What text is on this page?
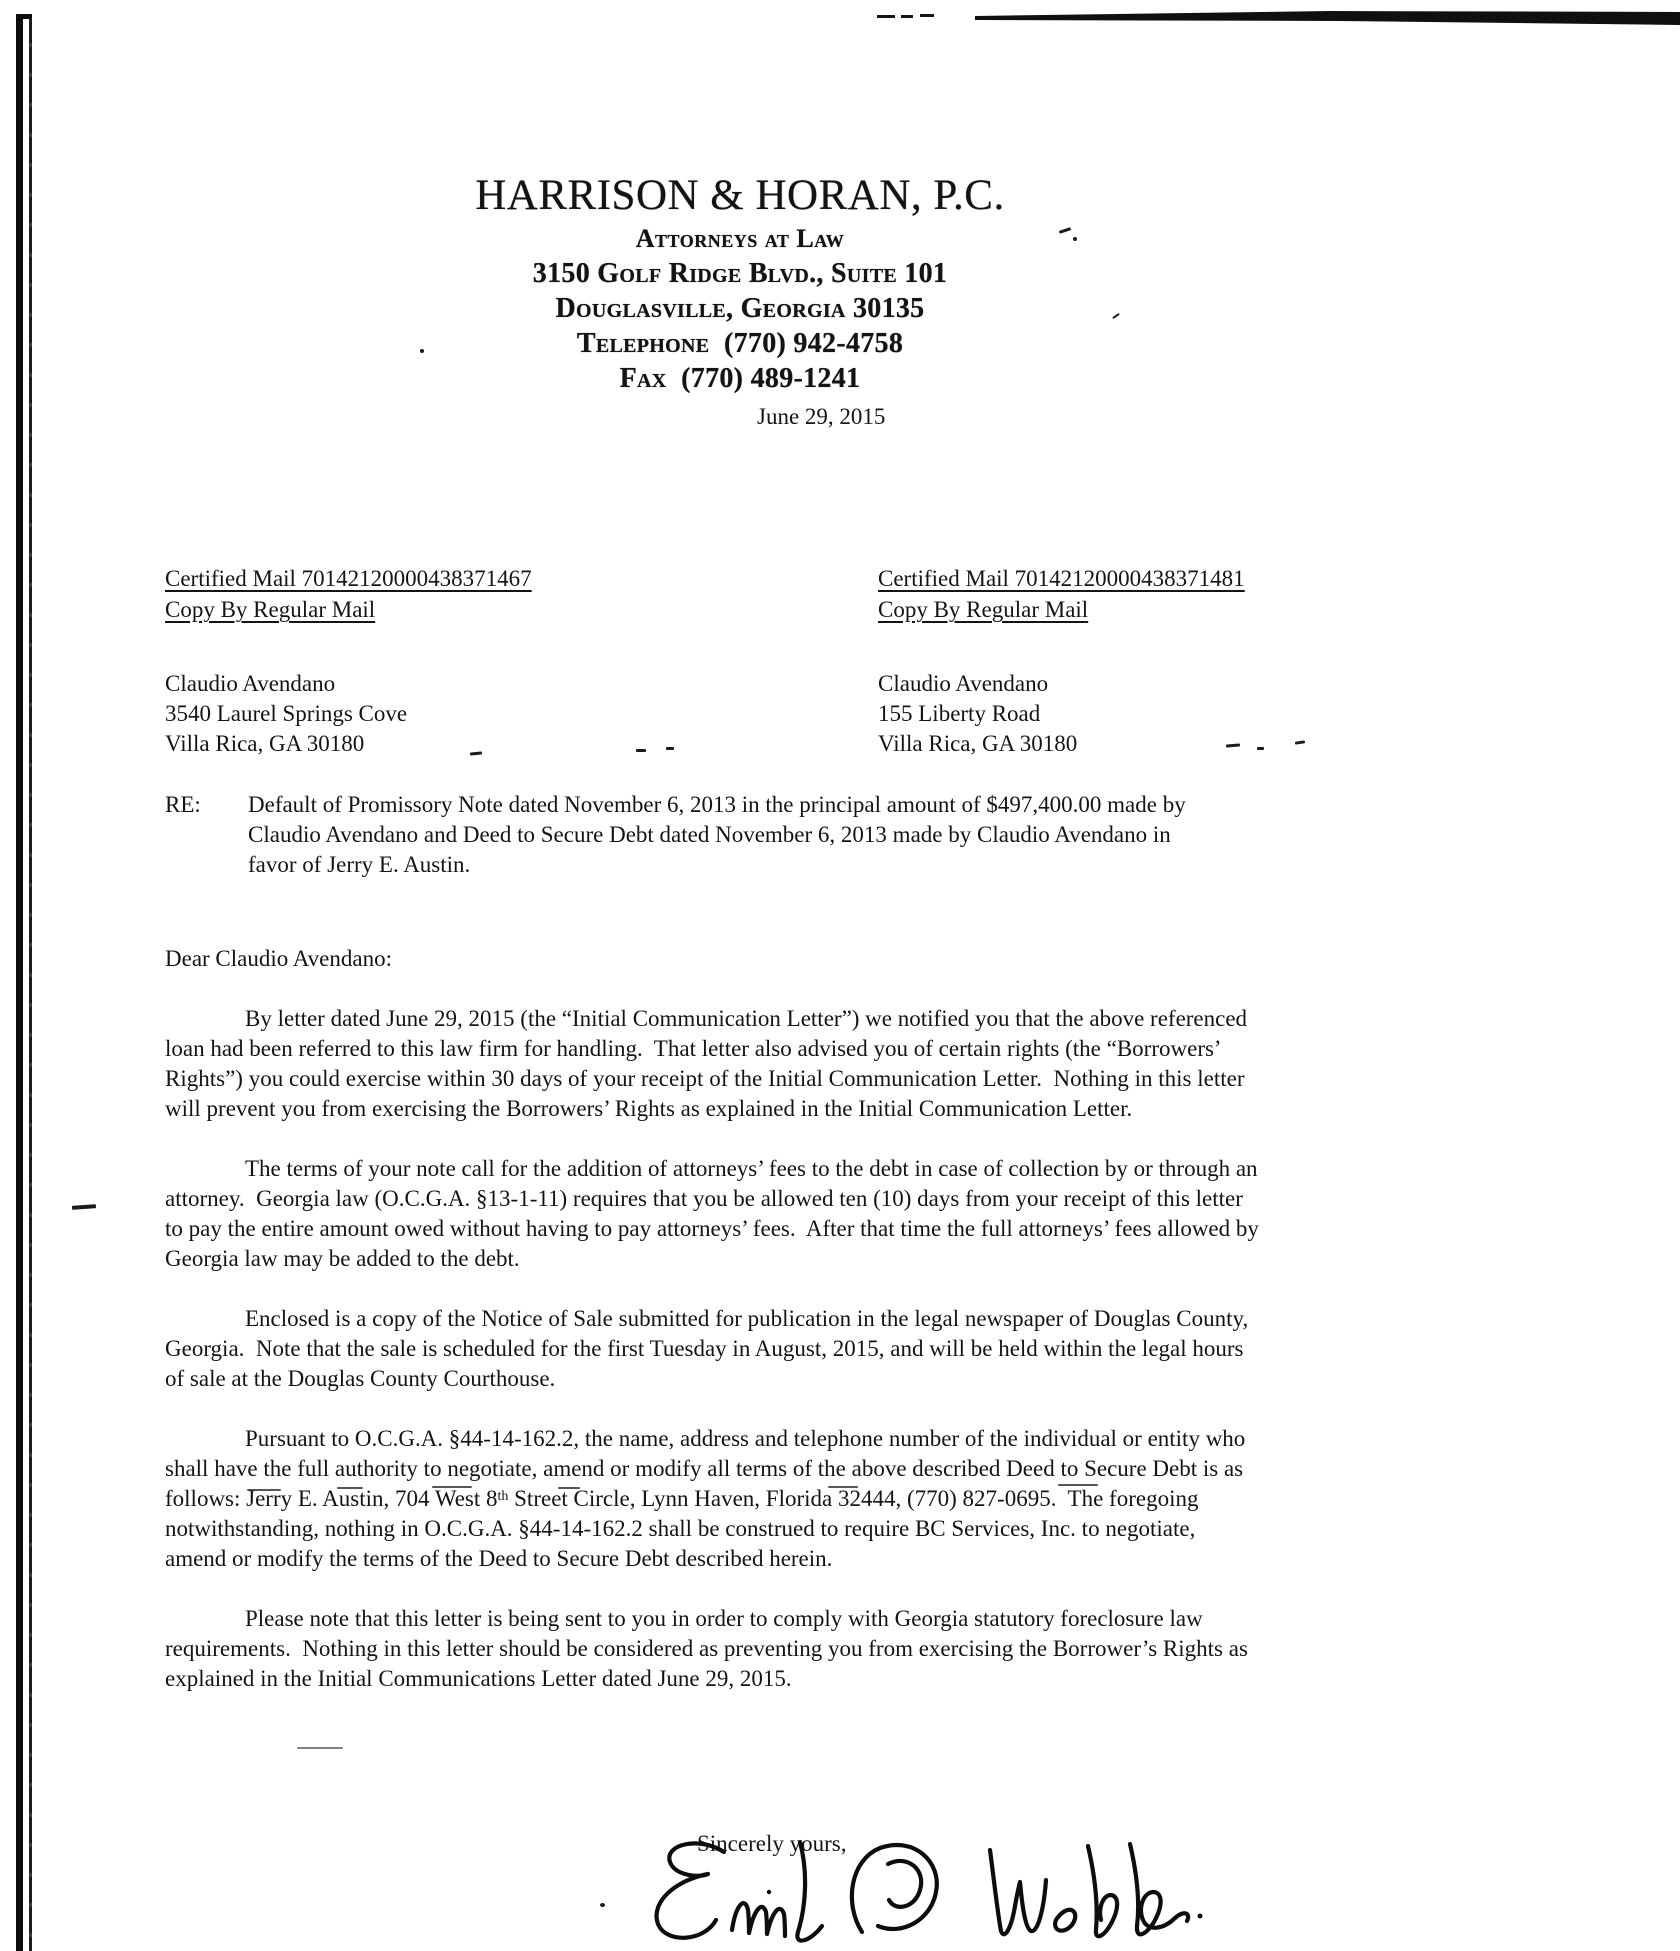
HARRISON & HORAN, P.C.
Attorneys at Law
3150 Golf Ridge Blvd., Suite 101
Douglasville, Georgia 30135
Telephone  (770) 942-4758
Fax  (770) 489-1241
June 29, 2015
Certified Mail 70142120000438371467
Copy By Regular Mail
Claudio Avendano
3540 Laurel Springs Cove
Villa Rica, GA 30180
Certified Mail 70142120000438371481
Copy By Regular Mail
Claudio Avendano
155 Liberty Road
Villa Rica, GA 30180
RE: Default of Promissory Note dated November 6, 2013 in the principal amount of $497,400.00 made by Claudio Avendano and Deed to Secure Debt dated November 6, 2013 made by Claudio Avendano in favor of Jerry E. Austin.

Dear Claudio Avendano:

By letter dated June 29, 2015 (the “Initial Communication Letter”) we notified you that the above referenced loan had been referred to this law firm for handling.  That letter also advised you of certain rights (the “Borrowers’ Rights”) you could exercise within 30 days of your receipt of the Initial Communication Letter.  Nothing in this letter will prevent you from exercising the Borrowers’ Rights as explained in the Initial Communication Letter.

The terms of your note call for the addition of attorneys’ fees to the debt in case of collection by or through an attorney.  Georgia law (O.C.G.A. §13-1-11) requires that you be allowed ten (10) days from your receipt of this letter to pay the entire amount owed without having to pay attorneys’ fees.  After that time the full attorneys’ fees allowed by Georgia law may be added to the debt.

Enclosed is a copy of the Notice of Sale submitted for publication in the legal newspaper of Douglas County, Georgia.  Note that the sale is scheduled for the first Tuesday in August, 2015, and will be held within the legal hours of sale at the Douglas County Courthouse.

Pursuant to O.C.G.A. §44-14-162.2, the name, address and telephone number of the individual or entity who shall have the full authority to negotiate, amend or modify all terms of the above described Deed to Secure Debt is as follows: Jerry E. Austin, 704 West 8th Street Circle, Lynn Haven, Florida 32444, (770) 827-0695.  The foregoing notwithstanding, nothing in O.C.G.A. §44-14-162.2 shall be construed to require BC Services, Inc. to negotiate, amend or modify the terms of the Deed to Secure Debt described herein.

Please note that this letter is being sent to you in order to comply with Georgia statutory foreclosure law requirements.  Nothing in this letter should be considered as preventing you from exercising the Borrower’s Rights as explained in the Initial Communications Letter dated June 29, 2015.

Sincerely yours,
